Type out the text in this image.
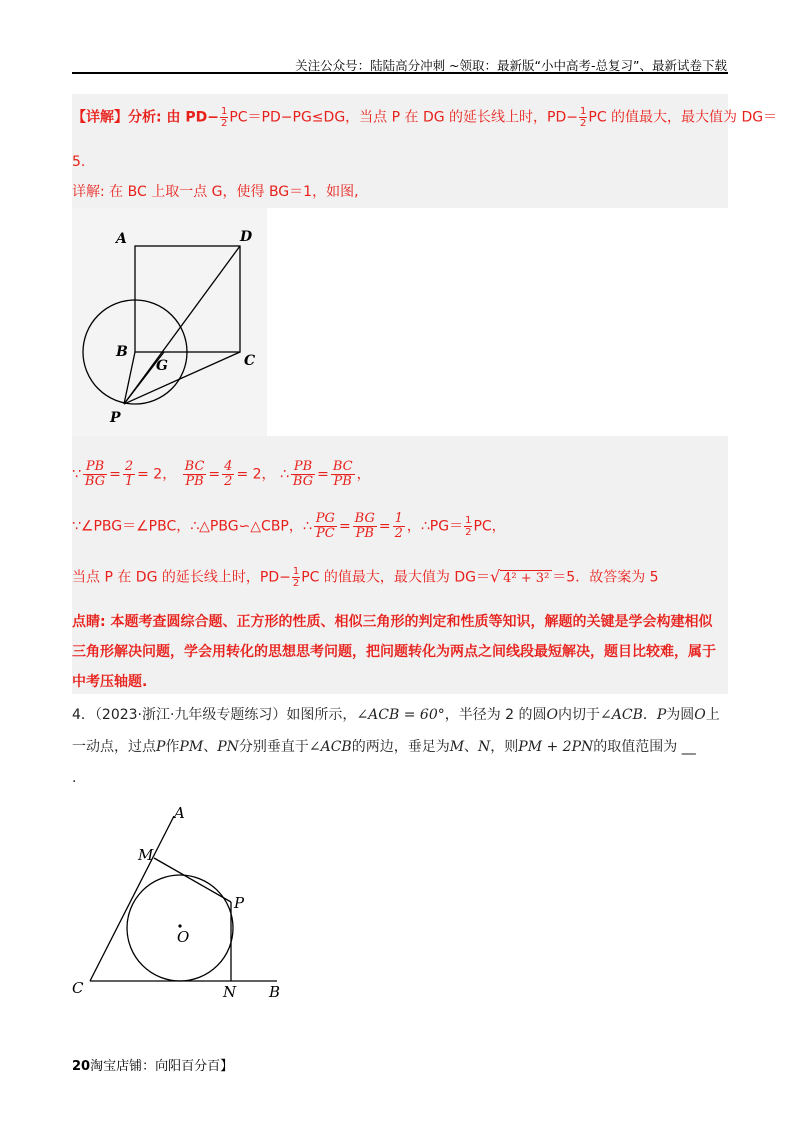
关注公众号：陆陆高分冲刺 ~领取：最新版“小中高考-总复习”、最新试卷下载
【详解】分析: 由 $PD- \frac{1}{2} PC=PD-PG\le DG$，当点 P 在 DG 的延长线上时，$PD- \frac{1}{2}$ PC 的值最大，最大值为 DG＝
5.
详解: 在 BC 上取一点 G，使得 BG＝1，如图,
A	D
B
G	C
P
∵ $\frac{PB}{BG} = \frac{2}{1} = 2$， $\frac{BC}{PB} = \frac{4}{2} = 2$， ∴ $\frac{PB}{BG} = \frac{BC}{PB}$ ，
∵∠PBG＝∠PBC，∴△PBG∽△CBP，∴ $\frac{PG}{PC} = \frac{BG}{PB} = \frac{1}{2}$ ，∴PG＝ $\frac{1}{2}$ PC，
当点 P 在 DG 的延长线上时，$PD- \frac{1}{2}$ PC 的值最大，最大值为 DG＝√ 4² + 3² ＝5．故答案为 5
点睛: 本题考查圆综合题、正方形的性质、相似三角形的判定和性质等知识，解题的关键是学会构建相似
三角形解决问题，学会用转化的思想思考问题，把问题转化为两点之间线段最短解决，题目比较难，属于
中考压轴题.
4．（2023·浙江·九年级专题练习）如图所示，∠ACB = 60°，半径为 2 的圆O内切于∠ACB．P为圆O上
一动点，过点P作PM、PN分别垂直于∠ACB的两边，垂足为M、N，则PM + 2PN的取值范围为 __
.
A
M
P
O
C	N B
20淘宝店铺：向阳百分百】
